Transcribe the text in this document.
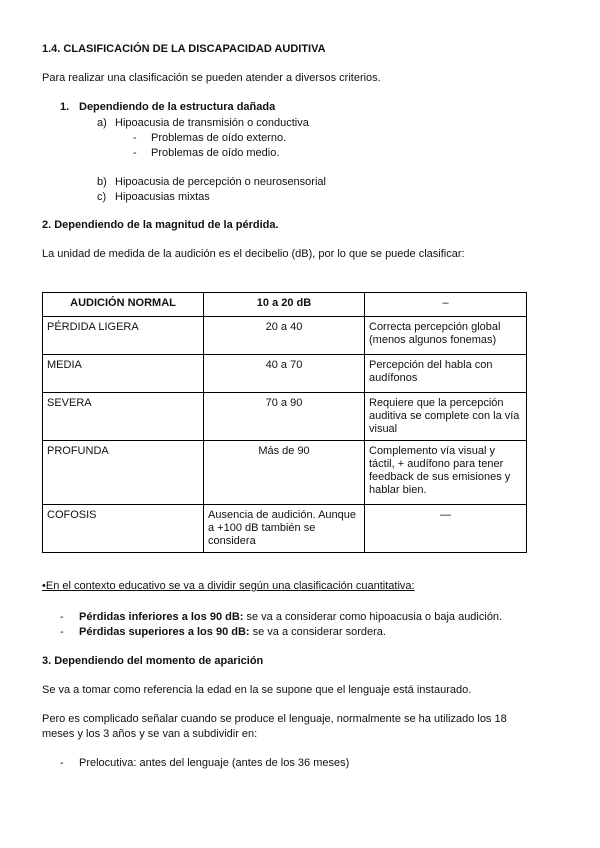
1.4. CLASIFICACIÓN DE LA DISCAPACIDAD AUDITIVA
Para realizar una clasificación se pueden atender a diversos criterios.
1. Dependiendo de la estructura dañada
a) Hipoacusia de transmisión o conductiva
- Problemas de oído externo.
- Problemas de oído medio.
b) Hipoacusia de percepción o neurosensorial
c) Hipoacusias mixtas
2. Dependiendo de la magnitud de la pérdida.
La unidad de medida de la audición es el decibelio (dB), por lo que se puede clasificar:
AUDICIÓN NORMAL	10 a 20 dB	–
PÉRDIDA LIGERA	20 a 40	Correcta percepción global (menos algunos fonemas)
MEDIA	40 a 70	Percepción del habla con audífonos
SEVERA	70 a 90	Requiere que la percepción auditiva se complete con la vía visual
PROFUNDA	Más de 90	Complemento vía visual y táctil, + audífono para tener feedback de sus emisiones y hablar bien.
COFOSIS	Ausencia de audición. Aunque a +100 dB también se considera	—
•En el contexto educativo se va a dividir según una clasificación cuantitativa:
- Pérdidas inferiores a los 90 dB: se va a considerar como hipoacusia o baja audición.
- Pérdidas superiores a los 90 dB: se va a considerar sordera.
3. Dependiendo del momento de aparición
Se va a tomar como referencia la edad en la se supone que el lenguaje está instaurado.
Pero es complicado señalar cuando se produce el lenguaje, normalmente se ha utilizado los 18
meses y los 3 años y se van a subdividir en:
- Prelocutiva: antes del lenguaje (antes de los 36 meses)
